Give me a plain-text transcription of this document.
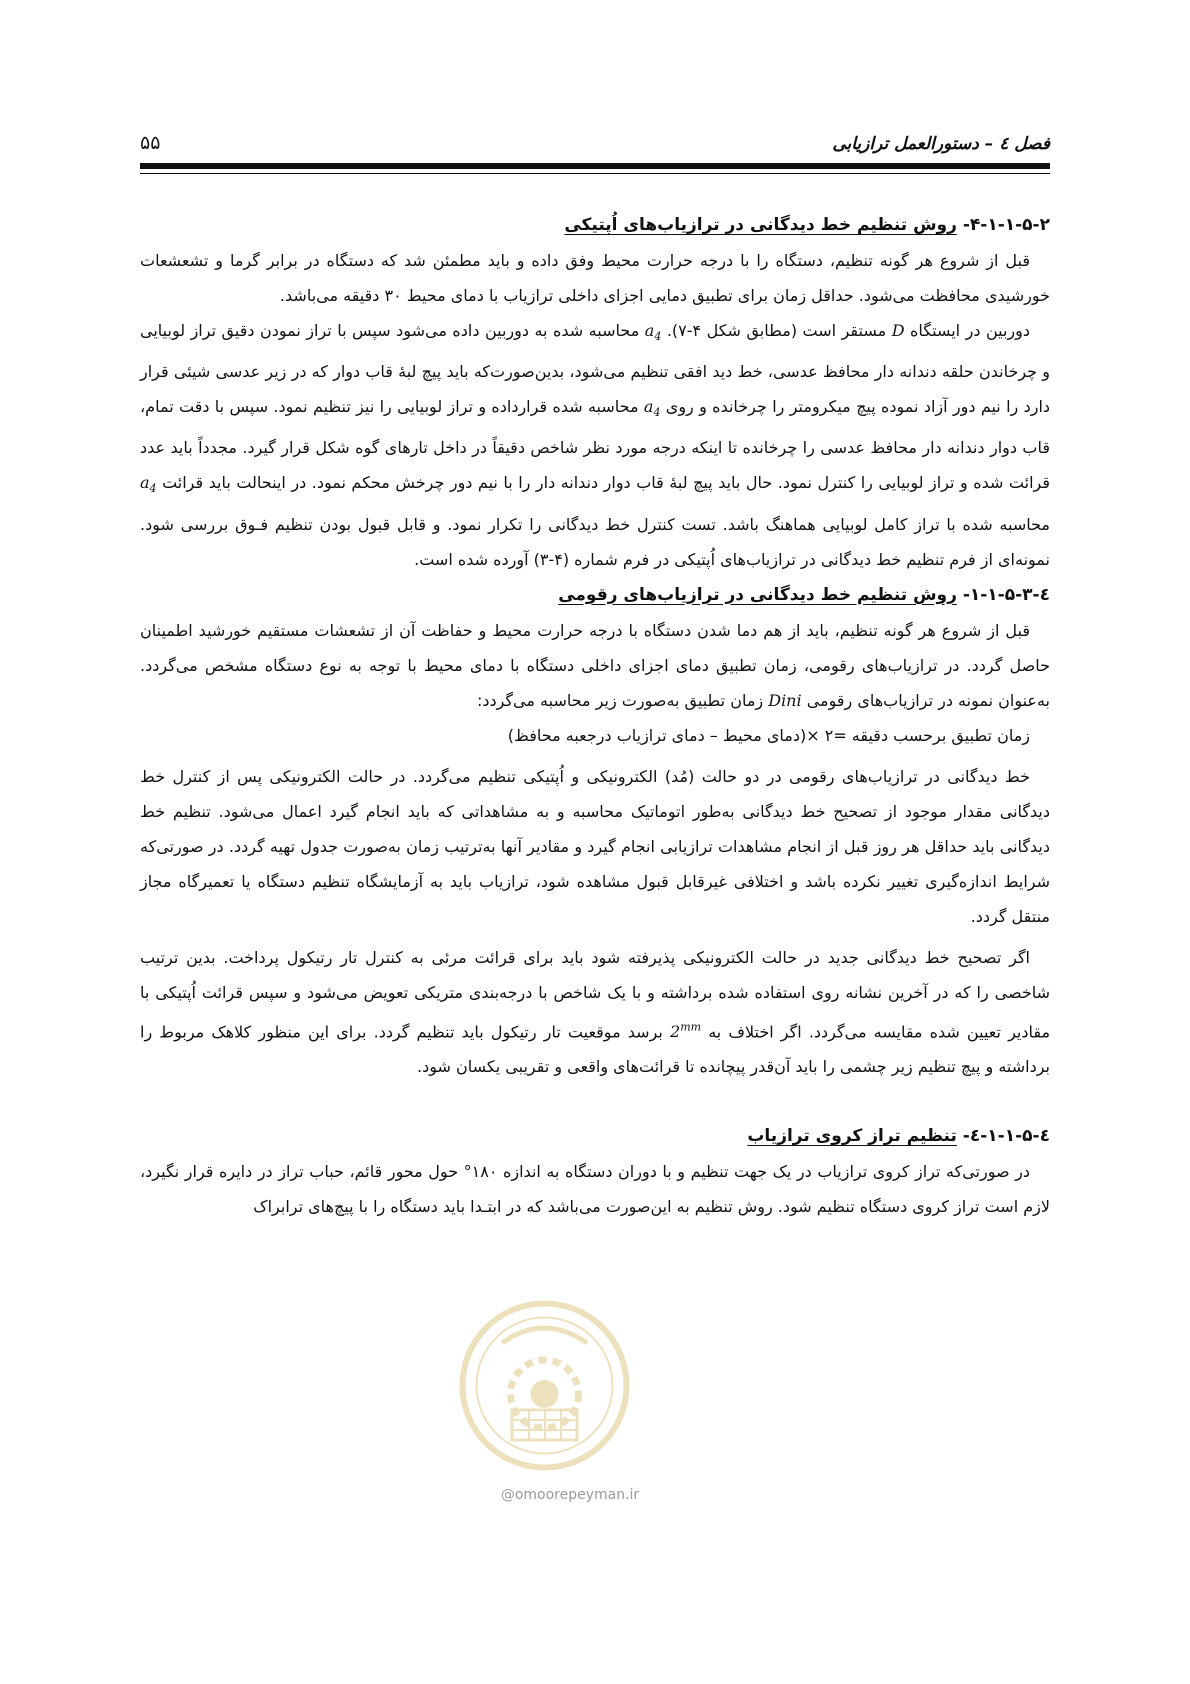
فصل ٤ – دستورالعمل ترازیابی
۵۵
۴-۱-۱-۵-۲- روش تنظیم خط دیدگانی در ترازیاب‌های اُپتیکی

قبل از شروع هر گونه تنظیم، دستگاه را با درجه حرارت محیط وفق داده و باید مطمئن شد که دستگاه در برابر گرما و تشعشعات خورشیدی محافظت می‌شود. حداقل زمان برای تطبیق دمایی اجزای داخلی ترازیاب با دمای محیط ۳۰ دقیقه می‌باشد.

دوربین در ایستگاه D مستقر است (مطابق شکل ۴-۷). $a_4$ محاسبه شده به دوربین داده می‌شود سپس با تراز نمودن دقیق تراز لوبیایی و چرخاندن حلقه دندانه دار محافظ عدسی، خط دید افقی تنظیم می‌شود، بدین‌صورت‌که باید پیچ لبهٔ قاب دوار که در زیر عدسی شیئی قرار دارد را نیم دور آزاد نموده پیچ میکرومتر را چرخانده و روی $a_4$ محاسبه شده قرارداده و تراز لوبیایی را نیز تنظیم نمود. سپس با دقت تمام، قاب دوار دندانه دار محافظ عدسی را چرخانده تا اینکه درجه مورد نظر شاخص دقیقاً در داخل تارهای گوه شکل قرار گیرد. مجدداً باید عدد قرائت شده و تراز لوبیایی را کنترل نمود. حال باید پیچ لبهٔ قاب دوار دندانه دار را با نیم دور چرخش محکم نمود. در اینحالت باید قرائت $a_4$ محاسبه شده با تراز کامل لوبیایی هماهنگ باشد. تست کنترل خط دیدگانی را تکرار نمود. و قابل قبول بودن تنظیم فـوق بررسی شود. نمونه‌ای از فرم تنظیم خط دیدگانی در ترازیاب‌های اُپتیکی در فرم شماره (۴-۳) آورده شده است.

٤-۱-۱-۵-۳- روش تنظیم خط دیدگانی در ترازیاب‌های رقومی

قبل از شروع هر گونه تنظیم، باید از هم دما شدن دستگاه با درجه حرارت محیط و حفاظت آن از تشعشات مستقیم خورشید اطمینان حاصل گردد. در ترازیاب‌های رقومی، زمان تطبیق دمای اجزای داخلی دستگاه با دمای محیط با توجه به نوع دستگاه مشخص می‌گردد. به‌عنوان نمونه در ترازیاب‌های رقومی Dini زمان تطبیق به‌صورت زیر محاسبه می‌گردد:

زمان تطبیق برحسب دقیقه =۲ ×(دمای محیط – دمای ترازیاب درجعبه محافظ)

خط دیدگانی در ترازیاب‌های رقومی در دو حالت (مُد) الکترونیکی و اُپتیکی تنظیم می‌گردد. در حالت الکترونیکی پس از کنترل خط دیدگانی مقدار موجود از تصحیح خط دیدگانی به‌طور اتوماتیک محاسبه و به مشاهداتی که باید انجام گیرد اعمال می‌شود. تنظیم خط دیدگانی باید حداقل هر روز قبل از انجام مشاهدات ترازیابی انجام گیرد و مقادیر آنها به‌ترتیب زمان به‌صورت جدول تهیه گردد. در صورتی‌که شرایط اندازه‌گیری تغییر نکرده باشد و اختلافی غیرقابل قبول مشاهده شود، ترازیاب باید به آزمایشگاه تنظیم دستگاه یا تعمیرگاه مجاز منتقل گردد.

اگر تصحیح خط دیدگانی جدید در حالت الکترونیکی پذیرفته شود باید برای قرائت مرئی به کنترل تار رتیکول پرداخت. بدین ترتیب شاخصی را که در آخرین نشانه روی استفاده شده برداشته و با یک شاخص با درجه‌بندی متریکی تعویض می‌شود و سپس قرائت اُپتیکی با مقادیر تعیین شده مقایسه می‌گردد. اگر اختلاف به $2^{mm}$ برسد موقعیت تار رتیکول باید تنظیم گردد. برای این منظور کلاهک مربوط را برداشته و پیچ تنظیم زیر چشمی را باید آن‌قدر پیچانده تا قرائت‌های واقعی و تقریبی یکسان شود.

٤-۱-۱-۵-٤- تنظیم تراز کروی ترازیاب

در صورتی‌که تراز کروی ترازیاب در یک جهت تنظیم و با دوران دستگاه به اندازه ۱۸۰° حول محور قائم، حباب تراز در دایره قرار نگیرد، لازم است تراز کروی دستگاه تنظیم شود. روش تنظیم به این‌صورت می‌باشد که در ابتـدا باید دستگاه را با پیچ‌های ترابراک

@omoorepeyman.ir
